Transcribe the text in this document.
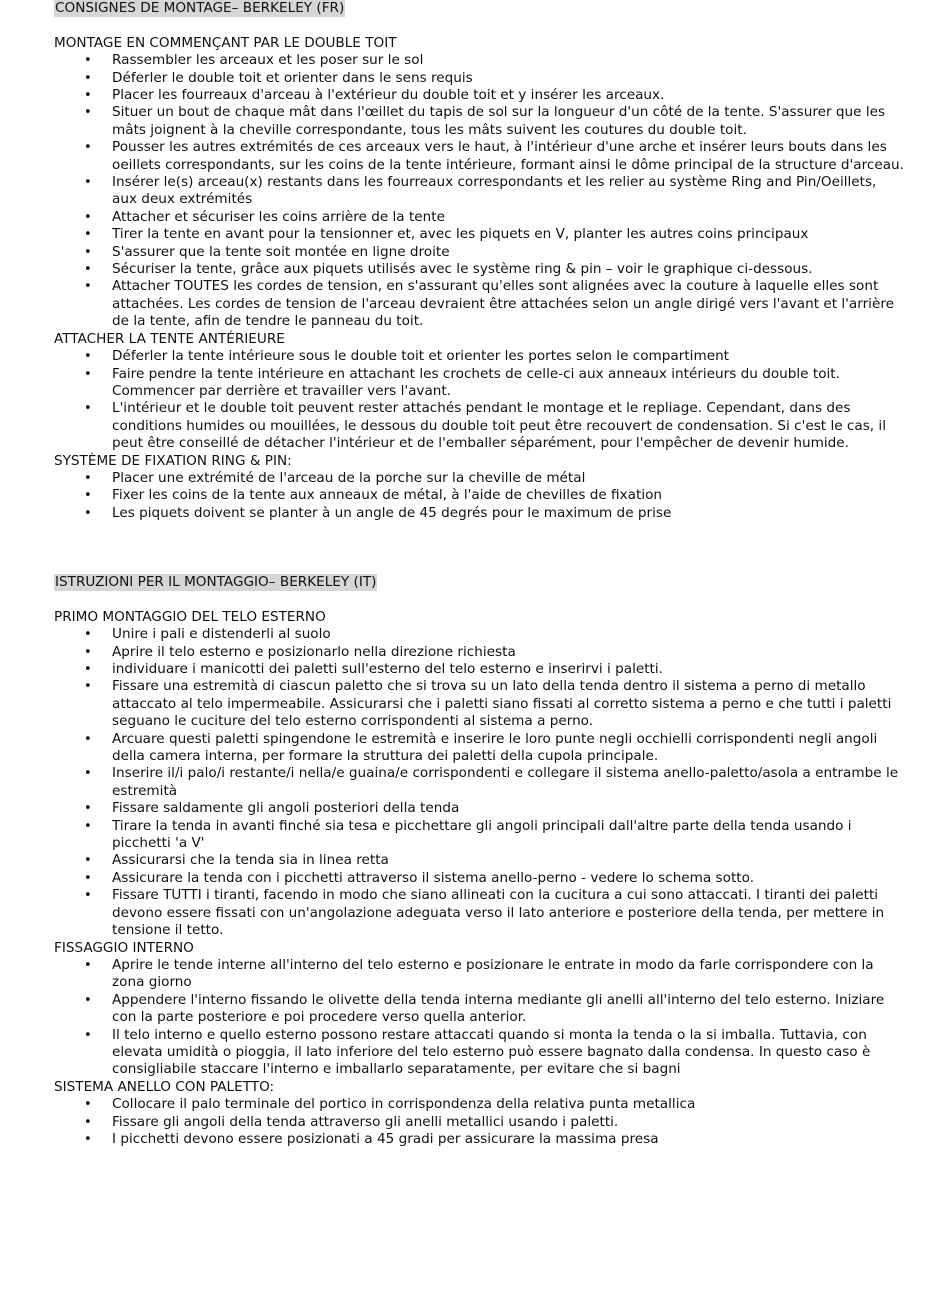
CONSIGNES DE MONTAGE– BERKELEY (FR)

MONTAGE EN COMMENÇANT PAR LE DOUBLE TOIT

• Rassembler les arceaux et les poser sur le sol
• Déferler le double toit et orienter dans le sens requis
• Placer les fourreaux d'arceau à l'extérieur du double toit et y insérer les arceaux.
• Situer un bout de chaque mât dans l'œillet du tapis de sol sur la longueur d'un côté de la tente. S'assurer que les mâts joignent à la cheville correspondante, tous les mâts suivent les coutures du double toit.
• Pousser les autres extrémités de ces arceaux vers le haut, à l'intérieur d'une arche et insérer leurs bouts dans les oeillets correspondants, sur les coins de la tente intérieure, formant ainsi le dôme principal de la structure d'arceau.
• Insérer le(s) arceau(x) restants dans les fourreaux correspondants et les relier au système Ring and Pin/Oeillets, aux deux extrémités
• Attacher et sécuriser les coins arrière de la tente
• Tirer la tente en avant pour la tensionner et, avec les piquets en V, planter les autres coins principaux
• S'assurer que la tente soit montée en ligne droite
• Sécuriser la tente, grâce aux piquets utilisés avec le système ring & pin – voir le graphique ci-dessous.
• Attacher TOUTES les cordes de tension, en s'assurant qu'elles sont alignées avec la couture à laquelle elles sont attachées. Les cordes de tension de l'arceau devraient être attachées selon un angle dirigé vers l'avant et l'arrière de la tente, afin de tendre le panneau du toit.

ATTACHER LA TENTE ANTÉRIEURE

• Déferler la tente intérieure sous le double toit et orienter les portes selon le compartiment
• Faire pendre la tente intérieure en attachant les crochets de celle-ci aux anneaux intérieurs du double toit. Commencer par derrière et travailler vers l'avant.
• L'intérieur et le double toit peuvent rester attachés pendant le montage et le repliage. Cependant, dans des conditions humides ou mouillées, le dessous du double toit peut être recouvert de condensation. Si c'est le cas, il peut être conseillé de détacher l'intérieur et de l'emballer séparément, pour l'empêcher de devenir humide.

SYSTÈME DE FIXATION RING & PIN:

• Placer une extrémité de l'arceau de la porche sur la cheville de métal
• Fixer les coins de la tente aux anneaux de métal, à l'aide de chevilles de fixation
• Les piquets doivent se planter à un angle de 45 degrés pour le maximum de prise
ISTRUZIONI PER IL MONTAGGIO– BERKELEY (IT)

PRIMO MONTAGGIO DEL TELO ESTERNO

• Unire i pali e distenderli al suolo
• Aprire il telo esterno e posizionarlo nella direzione richiesta
• individuare i manicotti dei paletti sull'esterno del telo esterno e inserirvi i paletti.
• Fissare una estremità di ciascun paletto che si trova su un lato della tenda dentro il sistema a perno di metallo attaccato al telo impermeabile. Assicurarsi che i paletti siano fissati al corretto sistema a perno e che tutti i paletti seguano le cuciture del telo esterno corrispondenti al sistema a perno.
• Arcuare questi paletti spingendone le estremità e inserire le loro punte negli occhielli corrispondenti negli angoli della camera interna, per formare la struttura dei paletti della cupola principale.
• Inserire il/i palo/i restante/i nella/e guaina/e corrispondenti e collegare il sistema anello-paletto/asola a entrambe le estremità
• Fissare saldamente gli angoli posteriori della tenda
• Tirare la tenda in avanti finché sia tesa e picchettare gli angoli principali dall'altre parte della tenda usando i picchetti 'a V'
• Assicurarsi che la tenda sia in linea retta
• Assicurare la tenda con i picchetti attraverso il sistema anello-perno - vedere lo schema sotto.
• Fissare TUTTI i tiranti, facendo in modo che siano allineati con la cucitura a cui sono attaccati. I tiranti dei paletti devono essere fissati con un'angolazione adeguata verso il lato anteriore e posteriore della tenda, per mettere in tensione il tetto.

FISSAGGIO INTERNO

• Aprire le tende interne all'interno del telo esterno e posizionare le entrate in modo da farle corrispondere con la zona giorno
• Appendere l'interno fissando le olivette della tenda interna mediante gli anelli all'interno del telo esterno. Iniziare con la parte posteriore e poi procedere verso quella anterior.
• Il telo interno e quello esterno possono restare attaccati quando si monta la tenda o la si imballa. Tuttavia, con elevata umidità o pioggia, il lato inferiore del telo esterno può essere bagnato dalla condensa. In questo caso è consigliabile staccare l'interno e imballarlo separatamente, per evitare che si bagni

SISTEMA ANELLO CON PALETTO:

• Collocare il palo terminale del portico in corrispondenza della relativa punta metallica
• Fissare gli angoli della tenda attraverso gli anelli metallici usando i paletti.
• I picchetti devono essere posizionati a 45 gradi per assicurare la massima presa
